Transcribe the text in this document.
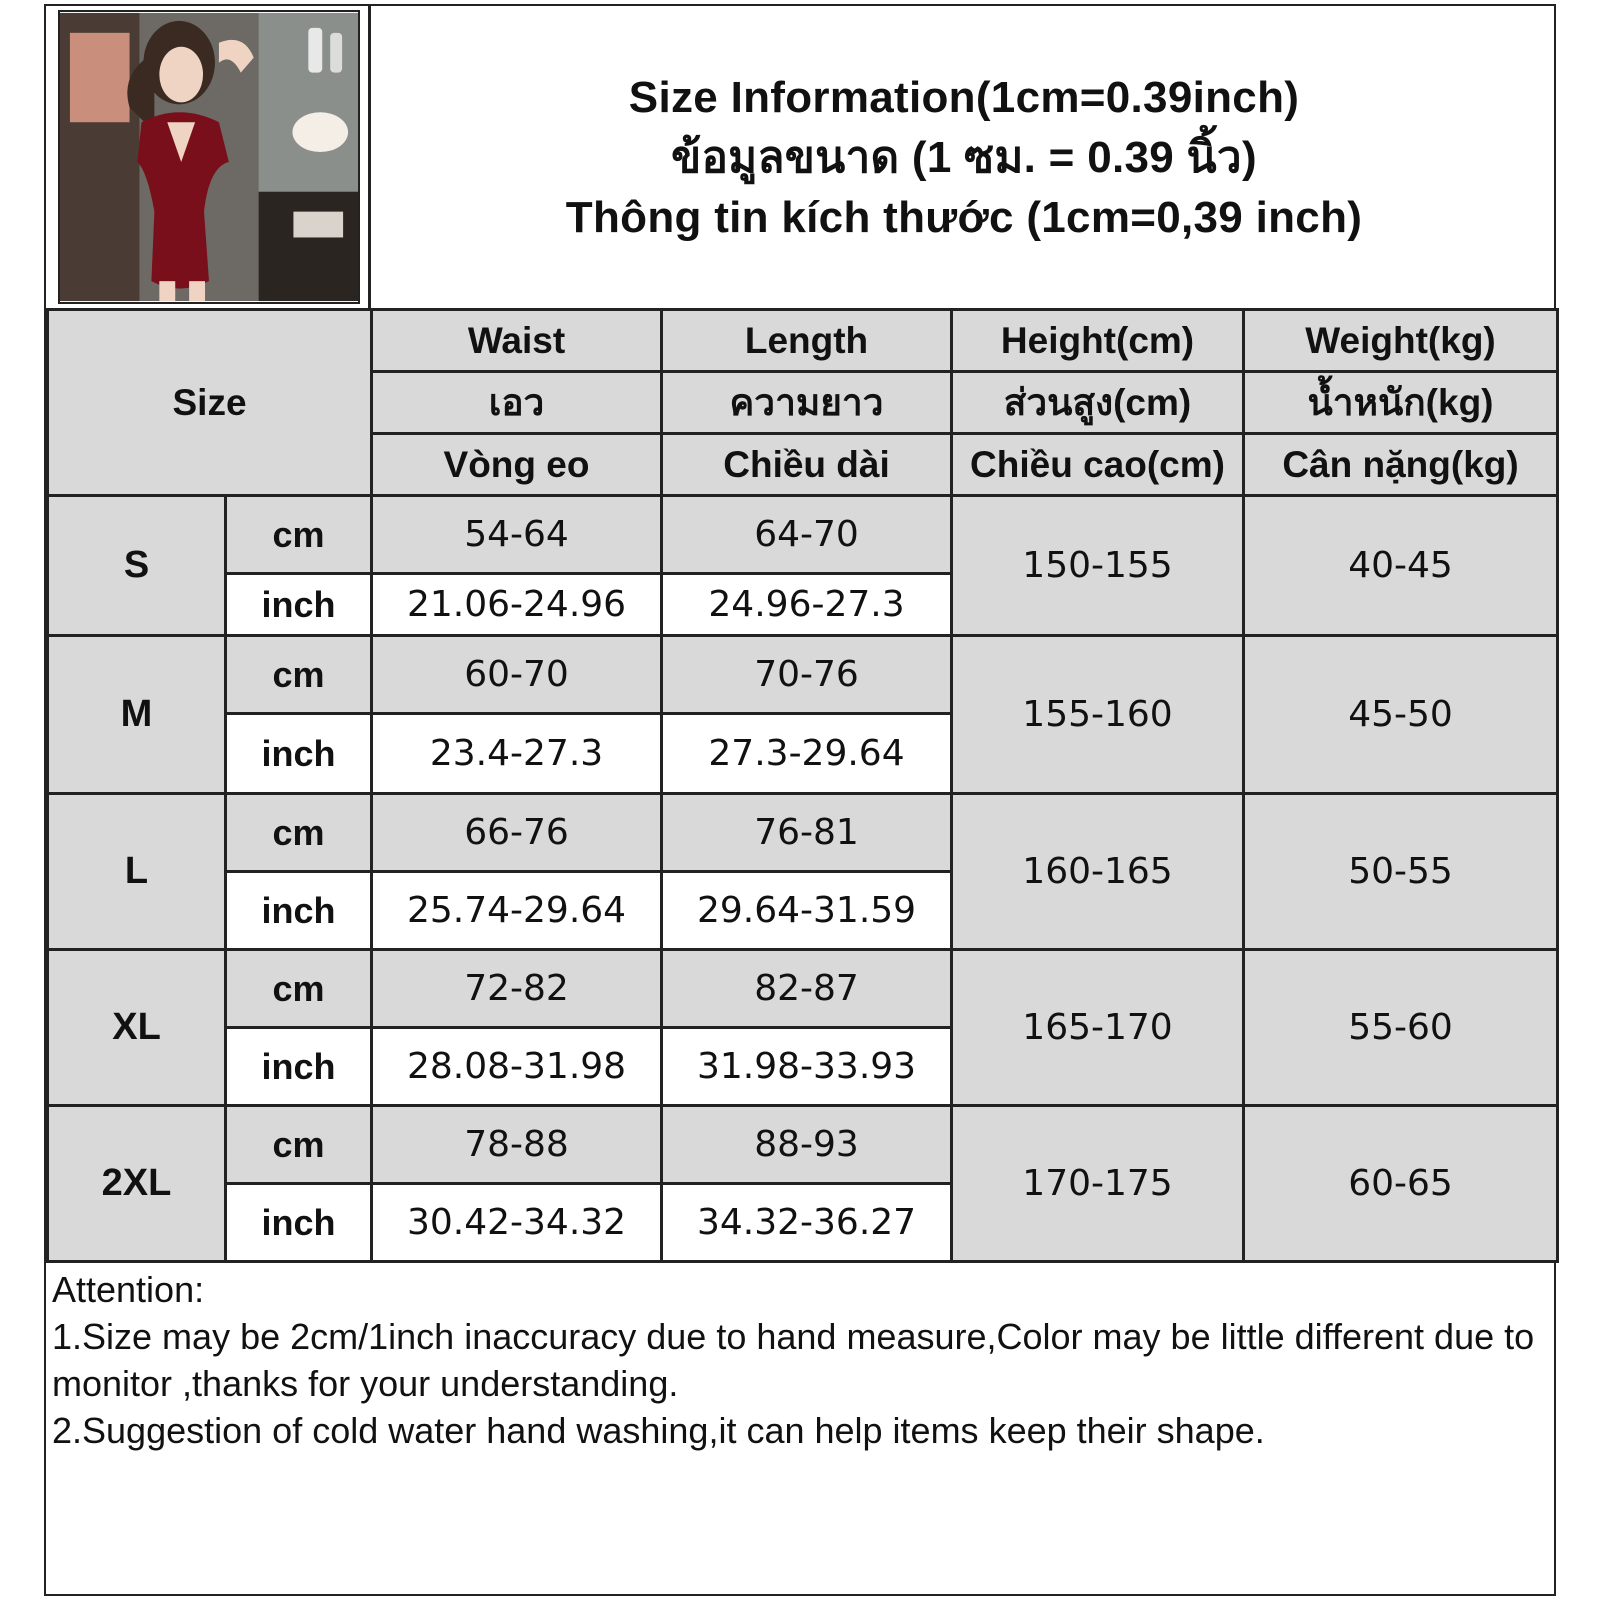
Size Information(1cm=0.39inch)
ข้อมูลขนาด (1 ซม. = 0.39 นิ้ว)
Thông tin kích thước (1cm=0,39 inch)
Size		Waist	Length	Height(cm)	Weight(kg)
		เอว	ความยาว	ส่วนสูง(cm)	น้ำหนัก(kg)
		Vòng eo	Chiều dài	Chiều cao(cm)	Cân nặng(kg)
S	cm	54-64	64-70	150-155	40-45
	inch	21.06-24.96	24.96-27.3		
M	cm	60-70	70-76	155-160	45-50
	inch	23.4-27.3	27.3-29.64		
L	cm	66-76	76-81	160-165	50-55
	inch	25.74-29.64	29.64-31.59		
XL	cm	72-82	82-87	165-170	55-60
	inch	28.08-31.98	31.98-33.93		
2XL	cm	78-88	88-93	170-175	60-65
	inch	30.42-34.32	34.32-36.27		
Attention:
1.Size may be 2cm/1inch inaccuracy due to hand measure,Color may be little different due to monitor ,thanks for your understanding.
2.Suggestion of cold water hand washing,it can help items keep their shape.
